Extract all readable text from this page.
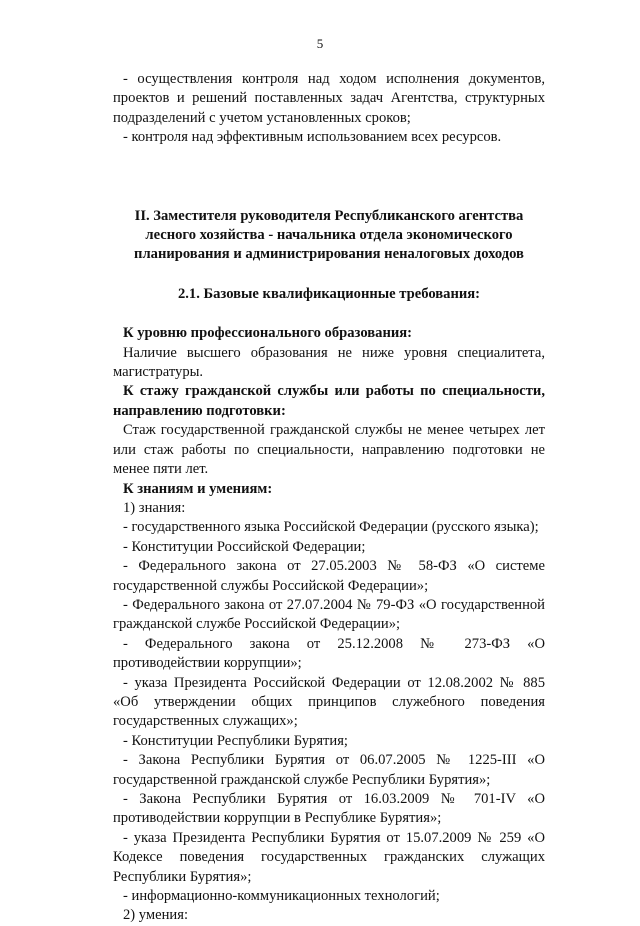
5

- осуществления контроля над ходом исполнения документов, проектов и решений поставленных задач Агентства, структурных подразделений с учетом установленных сроков;

- контроля над эффективным использованием всех ресурсов.

II. Заместителя руководителя Республиканского агентства лесного хозяйства - начальника отдела экономического планирования и администрирования неналоговых доходов

2.1. Базовые квалификационные требования:

К уровню профессионального образования:

Наличие высшего образования не ниже уровня специалитета, магистратуры.

К стажу гражданской службы или работы по специальности, направлению подготовки:

Стаж государственной гражданской службы не менее четырех лет или стаж работы по специальности, направлению подготовки не менее пяти лет.

К знаниям и умениям:

1) знания:

- государственного языка Российской Федерации (русского языка);

- Конституции Российской Федерации;

- Федерального закона от 27.05.2003 № 58-ФЗ «О системе государственной службы Российской Федерации»;

- Федерального закона от 27.07.2004 № 79-ФЗ «О государственной гражданской службе Российской Федерации»;

- Федерального закона от 25.12.2008 № 273-ФЗ «О противодействии коррупции»;

- указа Президента Российской Федерации от 12.08.2002 № 885 «Об утверждении общих принципов служебного поведения государственных служащих»;

- Конституции Республики Бурятия;

- Закона Республики Бурятия от 06.07.2005 № 1225-III «О государственной гражданской службе Республики Бурятия»;

- Закона Республики Бурятия от 16.03.2009 № 701-IV «О противодействии коррупции в Республике Бурятия»;

- указа Президента Республики Бурятия от 15.07.2009 № 259 «О Кодексе поведения государственных гражданских служащих Республики Бурятия»;

- информационно-коммуникационных технологий;

2) умения:
